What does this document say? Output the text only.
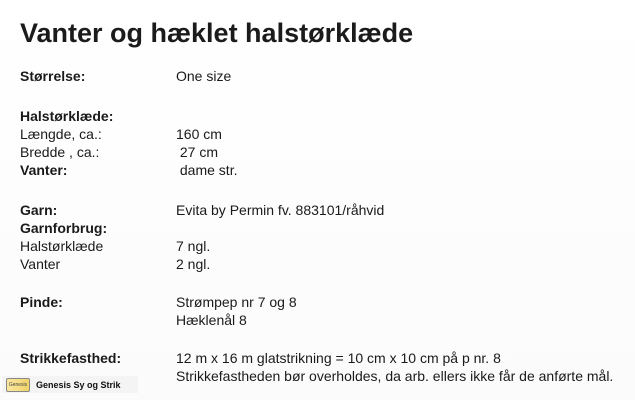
Vanter og hæklet halstørklæde
Størrelse:	One size
Halstørklæde:
Længde, ca.:	160 cm
Bredde , ca.:	27 cm
Vanter:	dame str.
Garn:	Evita by Permin fv. 883101/råhvid
Garnforbrug:
Halstørklæde	7 ngl.
Vanter	2 ngl.
Pinde:	Strømpep nr 7 og 8
Hæklenål 8
Strikkefasthed:	12 m x 16 m glatstrikning = 10 cm x 10 cm på p nr. 8
Strikkefastheden bør overholdes, da arb. ellers ikke får de anførte mål.
Genesis Genesis Sy og Strik
